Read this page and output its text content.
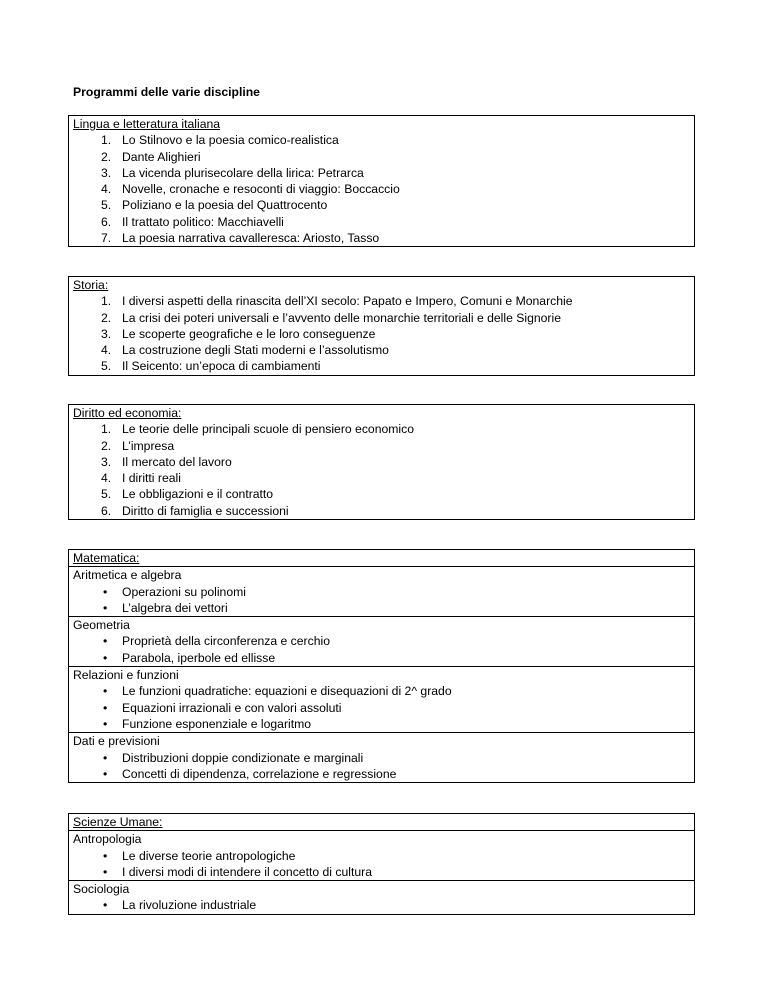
Programmi delle varie discipline
Lingua e letteratura italiana
1. Lo Stilnovo e la poesia comico-realistica
2. Dante Alighieri
3. La vicenda plurisecolare della lirica: Petrarca
4. Novelle, cronache e resoconti di viaggio: Boccaccio
5. Poliziano e la poesia del Quattrocento
6. Il trattato politico: Macchiavelli
7. La poesia narrativa cavalleresca: Ariosto, Tasso
Storia:
1. I diversi aspetti della rinascita dell’XI secolo: Papato e Impero, Comuni e Monarchie
2. La crisi dei poteri universali e l’avvento delle monarchie territoriali e delle Signorie
3. Le scoperte geografiche e le loro conseguenze
4. La costruzione degli Stati moderni e l’assolutismo
5. Il Seicento: un’epoca di cambiamenti
Diritto ed economia:
1. Le teorie delle principali scuole di pensiero economico
2. L’impresa
3. Il mercato del lavoro
4. I diritti reali
5. Le obbligazioni e il contratto
6. Diritto di famiglia e successioni
Matematica:

Aritmetica e algebra
• Operazioni su polinomi
• L’algebra dei vettori

Geometria
• Proprietà della circonferenza e cerchio
• Parabola, iperbole ed ellisse

Relazioni e funzioni
• Le funzioni quadratiche: equazioni e disequazioni di 2^ grado
• Equazioni irrazionali e con valori assoluti
• Funzione esponenziale e logaritmo

Dati e previsioni
• Distribuzioni doppie condizionate e marginali
• Concetti di dipendenza, correlazione e regressione
Scienze Umane:

Antropologia
• Le diverse teorie antropologiche
• I diversi modi di intendere il concetto di cultura

Sociologia
• La rivoluzione industriale
